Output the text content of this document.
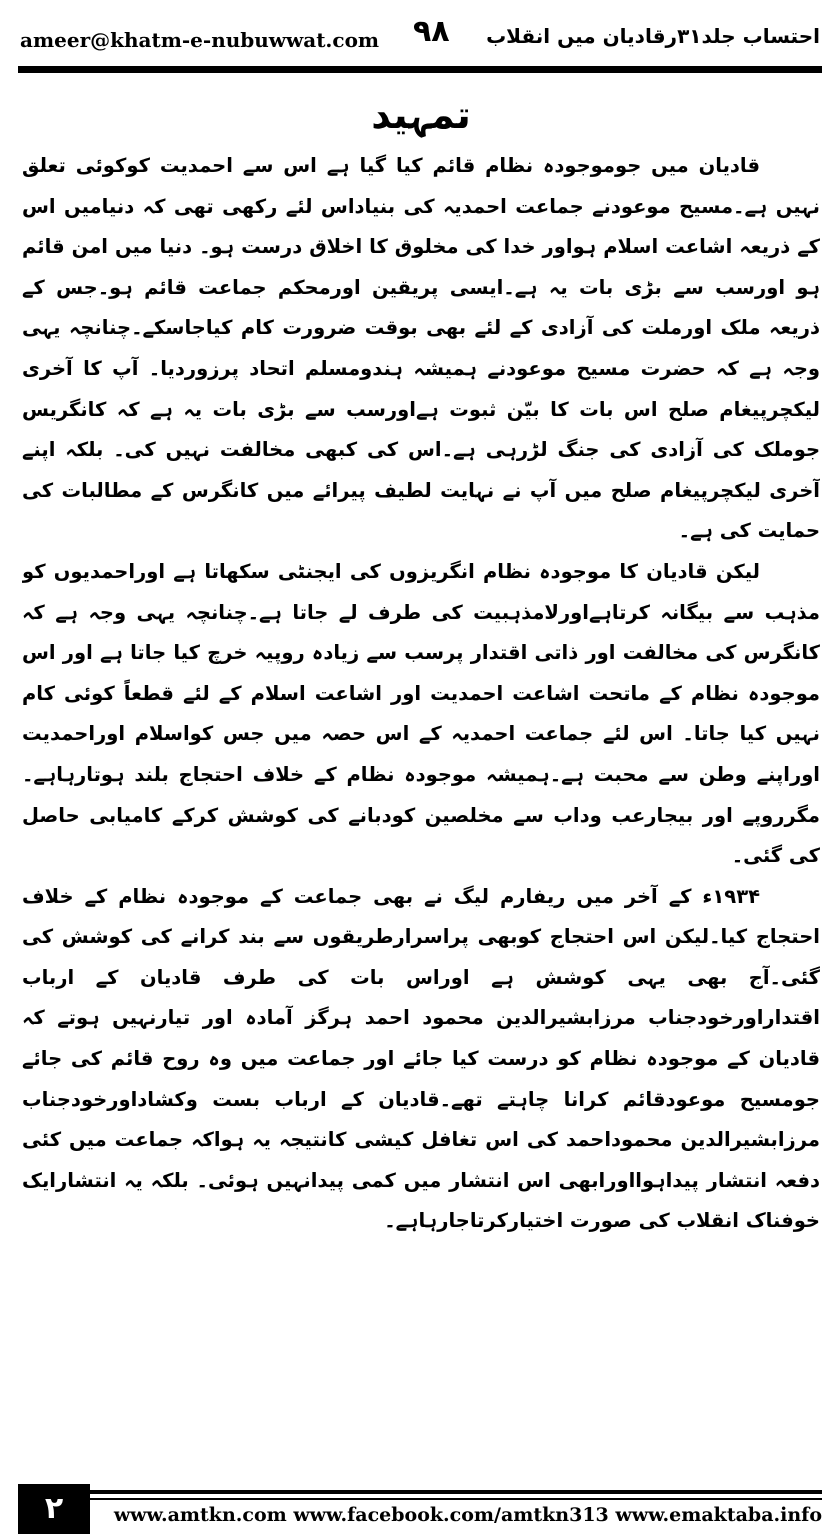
ameer@khatm-e-nubuwwat.com ۹۸ احتساب جلد۳۱رقادیان میں انقلاب
تمہید

قادیان میں جوموجودہ نظام قائم کیا گیا ہے اس سے احمدیت کوکوئی تعلق نہیں ہے۔مسیح موعودنے جماعت احمدیہ کی بنیاداس لئے رکھی تھی کہ دنیامیں اس کے ذریعہ اشاعت اسلام ہواور خدا کی مخلوق کا اخلاق درست ہو۔ دنیا میں امن قائم ہو اورسب سے بڑی بات یہ ہے۔ایسی پریقین اورمحکم جماعت قائم ہو۔جس کے ذریعہ ملک اورملت کی آزادی کے لئے بھی بوقت ضرورت کام کیاجاسکے۔چنانچہ یہی وجہ ہے کہ حضرت مسیح موعودنے ہمیشہ ہندومسلم اتحاد پرزوردیا۔ آپ کا آخری لیکچرپیغام صلح اس بات کا بیّن ثبوت ہےاورسب سے بڑی بات یہ ہے کہ کانگریس جوملک کی آزادی کی جنگ لڑرہی ہے۔اس کی کبھی مخالفت نہیں کی۔ بلکہ اپنے آخری لیکچرپیغام صلح میں آپ نے نہایت لطیف پیرائے میں کانگرس کے مطالبات کی حمایت کی ہے۔

لیکن قادیان کا موجودہ نظام انگریزوں کی ایجنٹی سکھاتا ہے اوراحمدیوں کو مذہب سے بیگانہ کرتاہےاورلامذہبیت کی طرف لے جاتا ہے۔چنانچہ یہی وجہ ہے کہ کانگرس کی مخالفت اور ذاتی اقتدار پرسب سے زیادہ روپیہ خرچ کیا جاتا ہے اور اس موجودہ نظام کے ماتحت اشاعت احمدیت اور اشاعت اسلام کے لئے قطعاً کوئی کام نہیں کیا جاتا۔ اس لئے جماعت احمدیہ کے اس حصہ میں جس کواسلام اوراحمدیت اوراپنے وطن سے محبت ہے۔ہمیشہ موجودہ نظام کے خلاف احتجاج بلند ہوتارہاہے۔مگرروپے اور بیجارعب وداب سے مخلصین کودبانے کی کوشش کرکے کامیابی حاصل کی گئی۔

۱۹۳۴ء کے آخر میں ریفارم لیگ نے بھی جماعت کے موجودہ نظام کے خلاف احتجاج کیا۔لیکن اس احتجاج کوبھی پراسرارطریقوں سے بند کرانے کی کوشش کی گئی۔آج بھی یہی کوشش ہے اوراس بات کی طرف قادیان کے ارباب اقتداراورخودجناب مرزابشیرالدین محمود احمد ہرگز آمادہ اور تیارنہیں ہوتے کہ قادیان کے موجودہ نظام کو درست کیا جائے اور جماعت میں وہ روح قائم کی جائے جومسیح موعودقائم کرانا چاہتے تھے۔قادیان کے ارباب بست وکشاداورخودجناب مرزابشیرالدین محموداحمد کی اس تغافل کیشی کانتیجہ یہ ہواکہ جماعت میں کئی دفعہ انتشار پیداہوااورابھی اس انتشار میں کمی پیدانہیں ہوئی۔ بلکہ یہ انتشارایک خوفناک انقلاب کی صورت اختیارکرتاجارہاہے۔

۲	www.amtkn.com www.facebook.com/amtkn313 www.emaktaba.info
